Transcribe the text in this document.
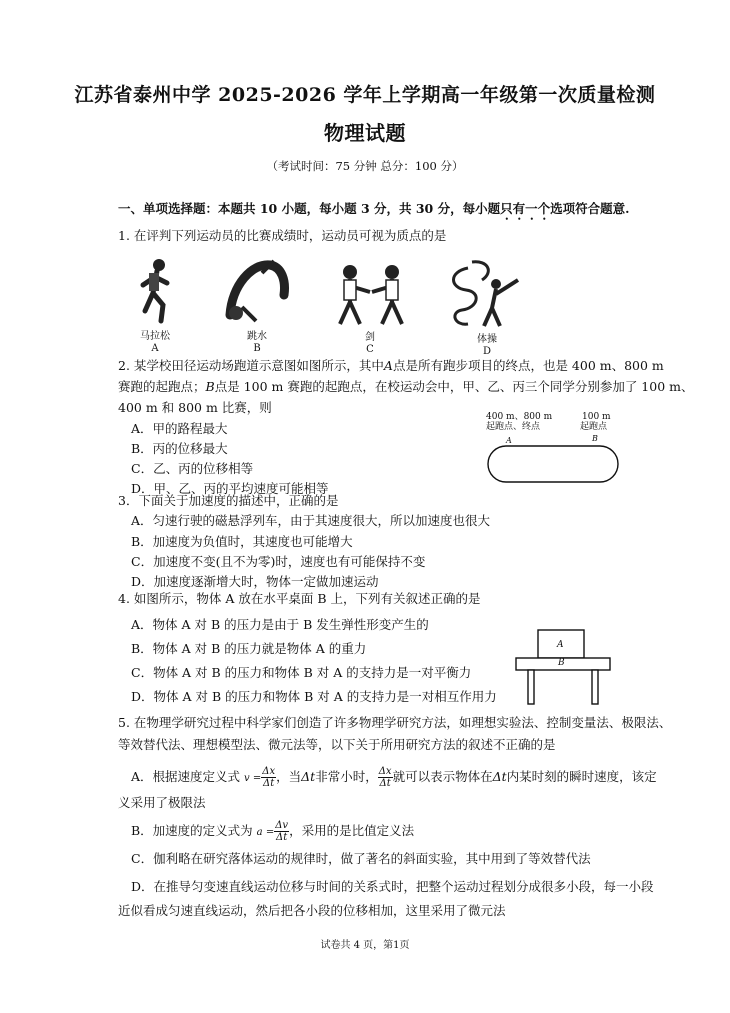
江苏省泰州中学 2025-2026 学年上学期高一年级第一次质量检测
物理试题
（考试时间：75 分钟 总分：100 分）
一、单项选择题：本题共 10 小题，每小题 3 分，共 30 分，每小题只有一个选项符合题意.
1. 在评判下列运动员的比赛成绩时，运动员可视为质点的是
马拉松
A
跳水
B
剑
C
体操
D
2. 某学校田径运动场跑道示意图如图所示，其中A点是所有跑步项目的终点，也是 400 m、800 m
赛跑的起跑点；B点是 100 m 赛跑的起跑点，在校运动会中，甲、乙、丙三个同学分别参加了 100 m、
400 m 和 800 m 比赛，则
A．甲的路程最大
B．丙的位移最大
C．乙、丙的位移相等
D．甲、乙、丙的平均速度可能相等
400 m、800 m
起跑点、终点
100 m
起跑点
A	B
3．下面关于加速度的描述中，正确的是
A．匀速行驶的磁悬浮列车，由于其速度很大，所以加速度也很大
B．加速度为负值时，其速度也可能增大
C．加速度不变(且不为零)时，速度也有可能保持不变
D．加速度逐渐增大时，物体一定做加速运动
4. 如图所示，物体 A 放在水平桌面 B 上，下列有关叙述正确的是
A．物体 A 对 B 的压力是由于 B 发生弹性形变产生的
B．物体 A 对 B 的压力就是物体 A 的重力
C．物体 A 对 B 的压力和物体 B 对 A 的支持力是一对平衡力
D．物体 A 对 B 的压力和物体 B 对 A 的支持力是一对相互作用力
A
B
5. 在物理学研究过程中科学家们创造了许多物理学研究方法，如理想实验法、控制变量法、极限法、
等效替代法、理想模型法、微元法等，以下关于所用研究方法的叙述不正确的是
A．根据速度定义式 $v = \frac{\Delta x}{\Delta t}$ ，当Δt非常小时， $\frac{\Delta x}{\Delta t}$ 就可以表示物体在Δt内某时刻的瞬时速度，该定
义采用了极限法
B．加速度的定义式为 $a = \frac{\Delta v}{\Delta t}$ ，采用的是比值定义法
C．伽利略在研究落体运动的规律时，做了著名的斜面实验，其中用到了等效替代法
D．在推导匀变速直线运动位移与时间的关系式时，把整个运动过程划分成很多小段，每一小段
近似看成匀速直线运动，然后把各小段的位移相加，这里采用了微元法
试卷共 4 页，第1页
